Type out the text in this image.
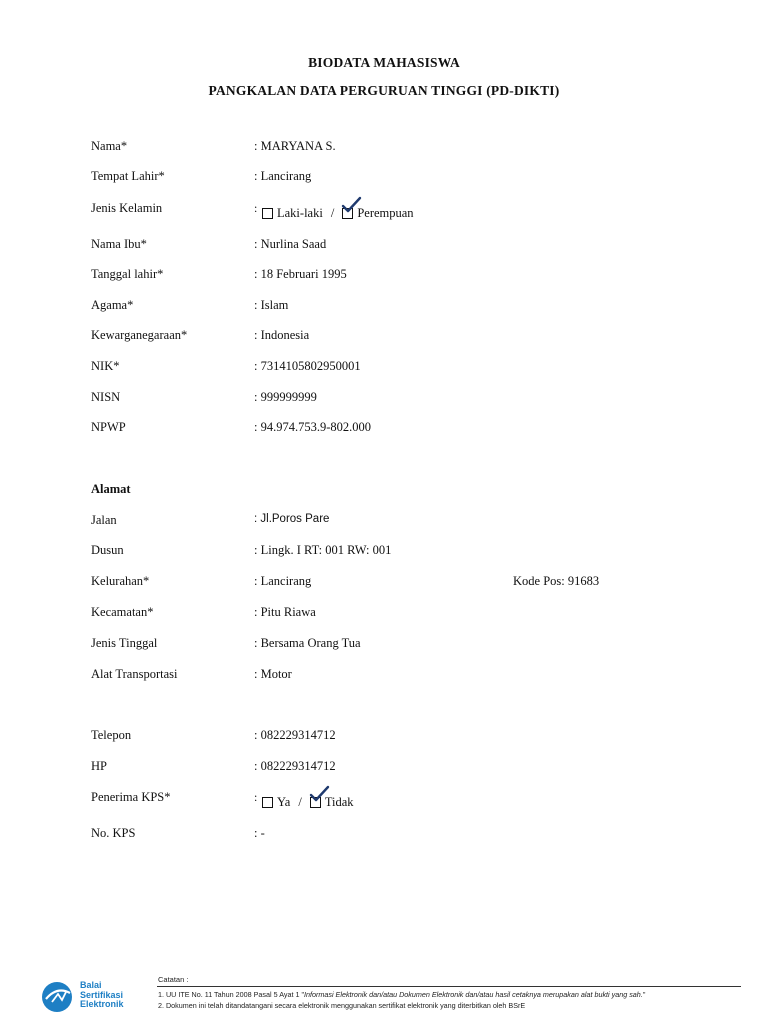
BIODATA MAHASISWA
PANGKALAN DATA PERGURUAN TINGGI (PD-DIKTI)
Nama*	: MARYANA S.
Tempat Lahir*	: Lancirang
Jenis Kelamin	: Laki-laki / Perempuan
Nama Ibu*	: Nurlina Saad
Tanggal lahir*	: 18 Februari 1995
Agama*	: Islam
Kewarganegaraan*	: Indonesia
NIK*	: 7314105802950001
NISN	: 999999999
NPWP	: 94.974.753.9-802.000
Alamat
Jalan	: Jl.Poros Pare
Dusun	: Lingk. I RT: 001 RW: 001
Kelurahan*	: Lancirang	Kode Pos: 91683
Kecamatan*	: Pitu Riawa
Jenis Tinggal	: Bersama Orang Tua
Alat Transportasi	: Motor
Telepon	: 082229314712
HP	: 082229314712
Penerima KPS*	: Ya / Tidak
No. KPS	: -
Balai
Sertifikasi
Elektronik
Catatan :
1. UU ITE No. 11 Tahun 2008 Pasal 5 Ayat 1 "Informasi Elektronik dan/atau Dokumen Elektronik dan/atau hasil cetaknya merupakan alat bukti yang sah."
2. Dokumen ini telah ditandatangani secara elektronik menggunakan sertifikat elektronik yang diterbitkan oleh BSrE
